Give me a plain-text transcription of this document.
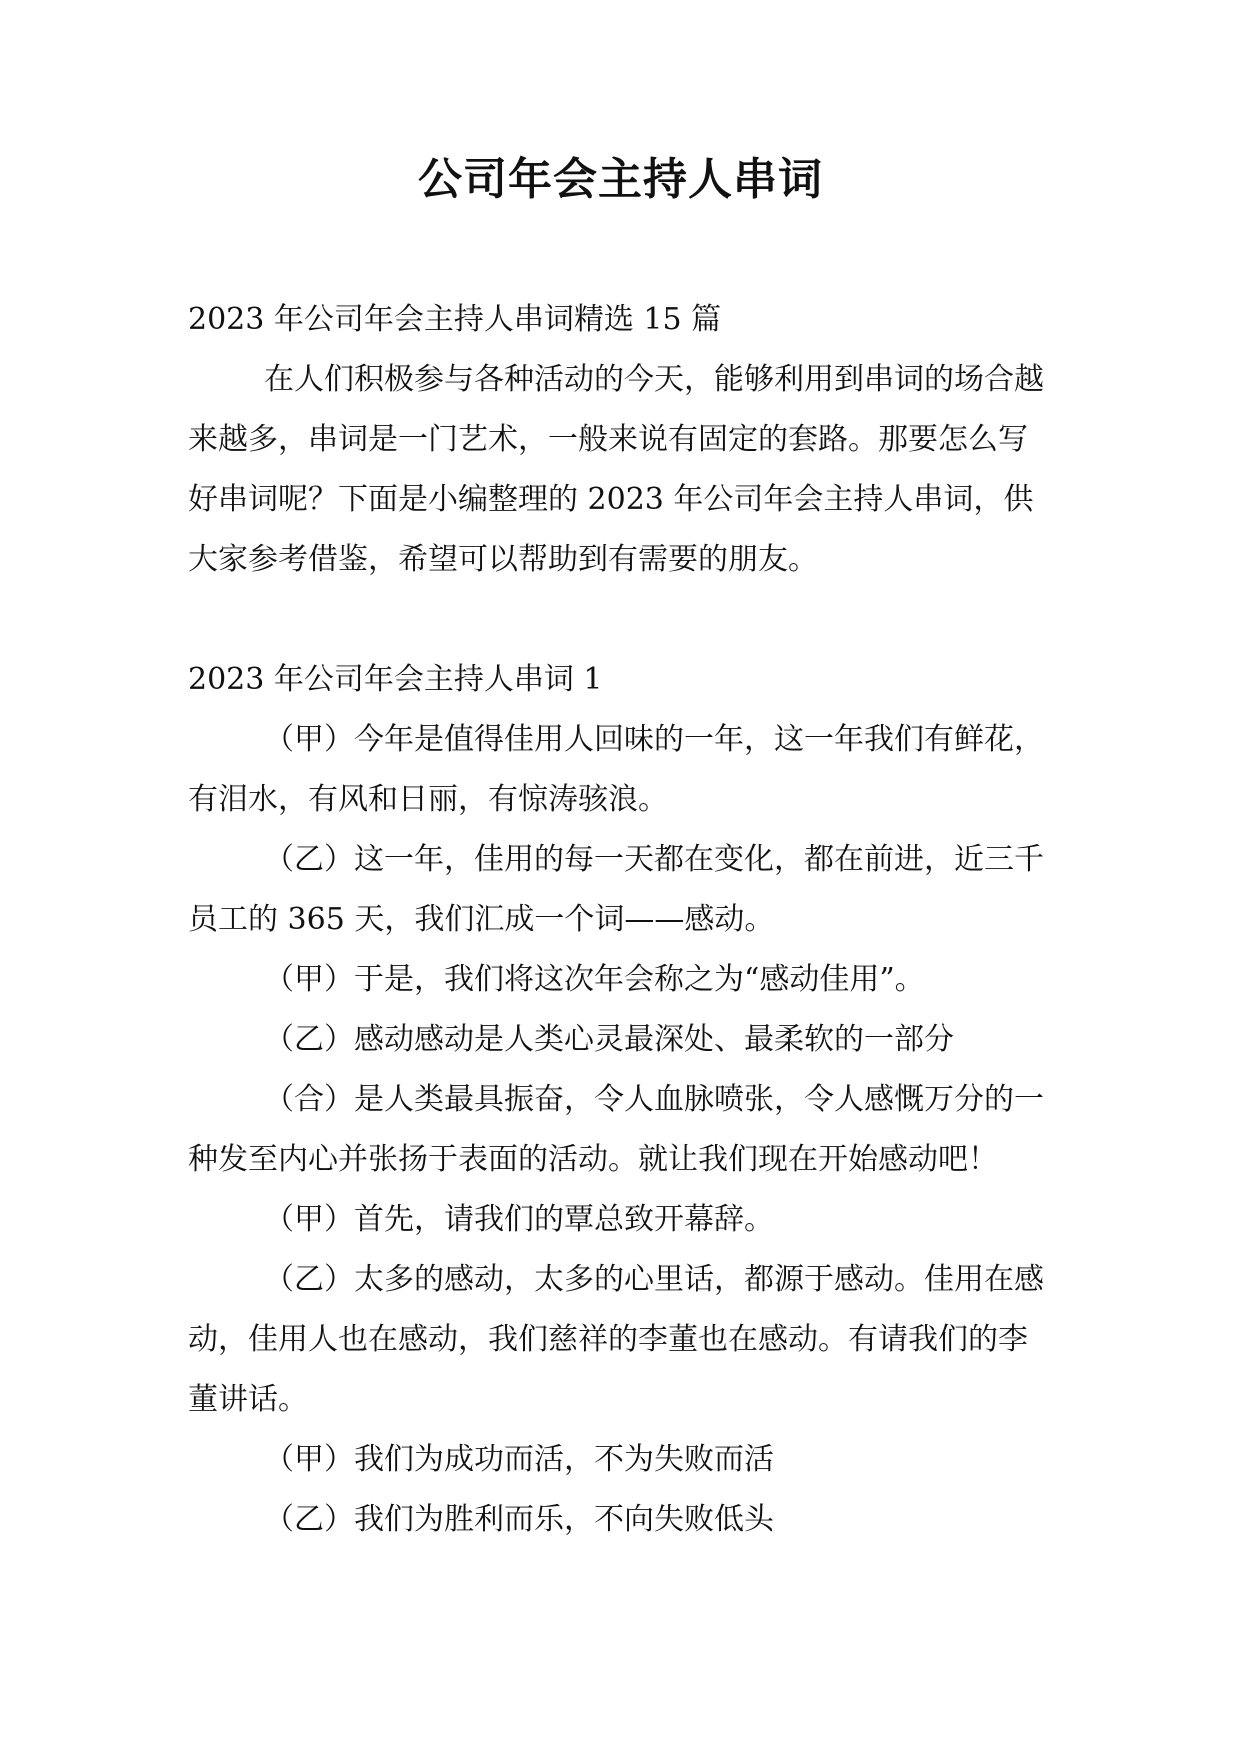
公司年会主持人串词

2023 年公司年会主持人串词精选 15 篇

在人们积极参与各种活动的今天，能够利用到串词的场合越来越多，串词是一门艺术，一般来说有固定的套路。那要怎么写好串词呢？下面是小编整理的 2023 年公司年会主持人串词，供大家参考借鉴，希望可以帮助到有需要的朋友。

2023 年公司年会主持人串词 1

（甲）今年是值得佳用人回味的一年，这一年我们有鲜花，有泪水，有风和日丽，有惊涛骇浪。

（乙）这一年，佳用的每一天都在变化，都在前进，近三千员工的 365 天，我们汇成一个词——感动。

（甲）于是，我们将这次年会称之为“感动佳用”。

（乙）感动感动是人类心灵最深处、最柔软的一部分

（合）是人类最具振奋，令人血脉喷张，令人感慨万分的一种发至内心并张扬于表面的活动。就让我们现在开始感动吧！

（甲）首先，请我们的覃总致开幕辞。

（乙）太多的感动，太多的心里话，都源于感动。佳用在感动，佳用人也在感动，我们慈祥的李董也在感动。有请我们的李董讲话。

（甲）我们为成功而活，不为失败而活

（乙）我们为胜利而乐，不向失败低头
